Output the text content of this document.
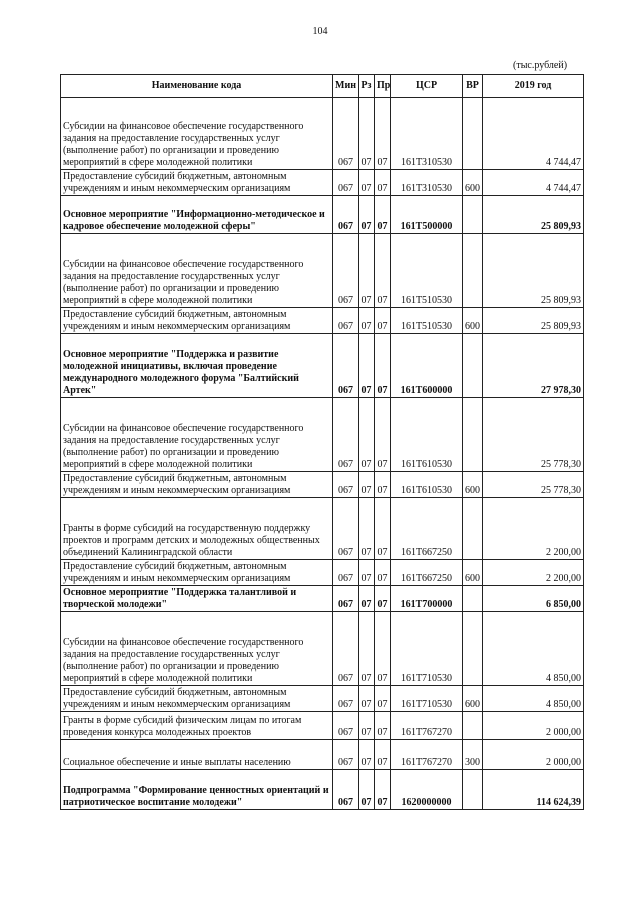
104
(тыс.рублей)
Наименование кода	Мин	Рз	Пр	ЦСР	ВР	2019 год
Субсидии на финансовое обеспечение государственного задания на предоставление государственных услуг (выполнение работ) по организации и проведению мероприятий в сфере молодежной политики	067	07	07	161Т310530		4 744,47
Предоставление субсидий бюджетным, автономным учреждениям и иным некоммерческим организациям	067	07	07	161Т310530	600	4 744,47
Основное мероприятие "Информационно-методическое и кадровое обеспечение молодежной сферы"	067	07	07	161Т500000		25 809,93
Субсидии на финансовое обеспечение государственного задания на предоставление государственных услуг (выполнение работ) по организации и проведению мероприятий в сфере молодежной политики	067	07	07	161Т510530		25 809,93
Предоставление субсидий бюджетным, автономным учреждениям и иным некоммерческим организациям	067	07	07	161Т510530	600	25 809,93
Основное мероприятие "Поддержка и развитие молодежной инициативы, включая проведение международного молодежного форума "Балтийский Артек"	067	07	07	161Т600000		27 978,30
Субсидии на финансовое обеспечение государственного задания на предоставление государственных услуг (выполнение работ) по организации и проведению мероприятий в сфере молодежной политики	067	07	07	161Т610530		25 778,30
Предоставление субсидий бюджетным, автономным учреждениям и иным некоммерческим организациям	067	07	07	161Т610530	600	25 778,30
Гранты в форме субсидий на государственную поддержку проектов и программ детских и молодежных общественных объединений Калининградской области	067	07	07	161Т667250		2 200,00
Предоставление субсидий бюджетным, автономным учреждениям и иным некоммерческим организациям	067	07	07	161Т667250	600	2 200,00
Основное мероприятие "Поддержка талантливой и творческой молодежи"	067	07	07	161Т700000		6 850,00
Субсидии на финансовое обеспечение государственного задания на предоставление государственных услуг (выполнение работ) по организации и проведению мероприятий в сфере молодежной политики	067	07	07	161Т710530		4 850,00
Предоставление субсидий бюджетным, автономным учреждениям и иным некоммерческим организациям	067	07	07	161Т710530	600	4 850,00
Гранты в форме субсидий физическим лицам по итогам проведения конкурса молодежных проектов	067	07	07	161Т767270		2 000,00
Социальное обеспечение и иные выплаты населению	067	07	07	161Т767270	300	2 000,00
Подпрограмма "Формирование ценностных ориентаций и патриотическое воспитание молодежи"	067	07	07	1620000000		114 624,39
